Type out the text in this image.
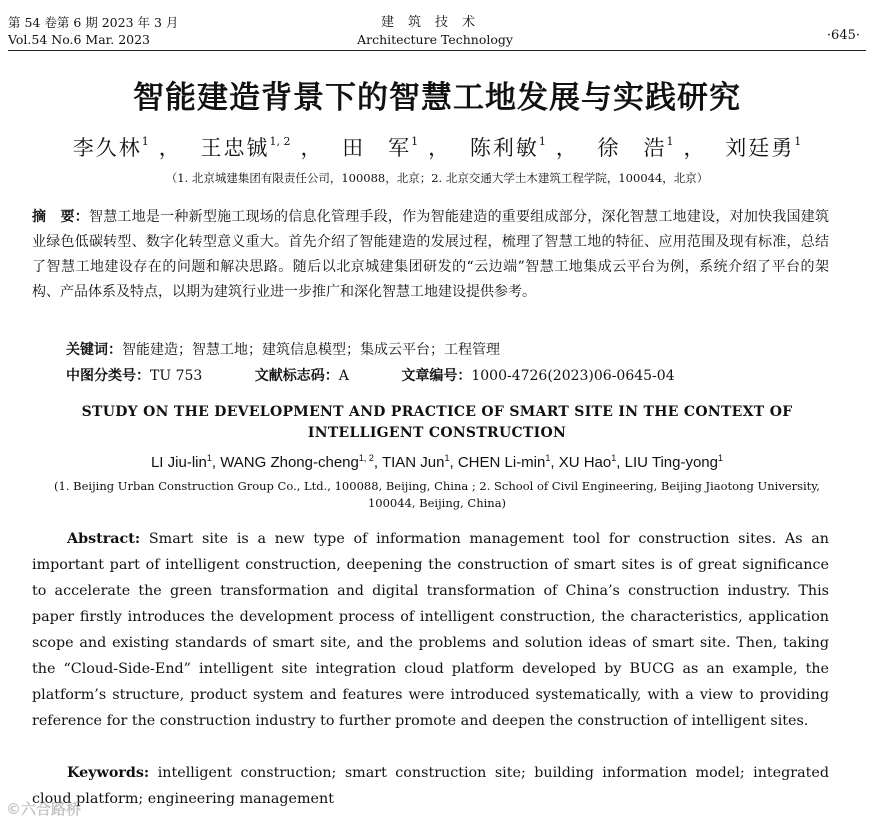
第 54 卷第 6 期 2023 年 3 月
Vol.54 No.6 Mar. 2023
建筑技术
Architecture Technology	·645·
智能建造背景下的智慧工地发展与实践研究
李久林$^1$ ， 王忠铖$^{1, 2}$ ， 田　军$^1$ ， 陈利敏$^1$ ， 徐　浩$^1$ ， 刘廷勇$^1$
（1. 北京城建集团有限责任公司，100088，北京；2. 北京交通大学土木建筑工程学院，100044，北京）
摘　要：智慧工地是一种新型施工现场的信息化管理手段，作为智能建造的重要组成部分，深化智慧工地建设，对加快我国建筑业绿色低碳转型、数字化转型意义重大。首先介绍了智能建造的发展过程，梳理了智慧工地的特征、应用范围及现有标准，总结了智慧工地建设存在的问题和解决思路。随后以北京城建集团研发的“云边端”智慧工地集成云平台为例，系统介绍了平台的架构、产品体系及特点，以期为建筑行业进一步推广和深化智慧工地建设提供参考。
关键词：智能建造；智慧工地；建筑信息模型；集成云平台；工程管理
中图分类号：TU 753	文献标志码：A	文章编号：1000-4726(2023)06-0645-04
STUDY ON THE DEVELOPMENT AND PRACTICE OF SMART SITE IN THE CONTEXT OF INTELLIGENT CONSTRUCTION
LI Jiu-lin$^1$, WANG Zhong-cheng$^{1, 2}$, TIAN Jun$^1$, CHEN $Li-\min^1$, XU Hao$^1$, LIU Ting-yong$^1$
(1. Beijing Urban Construction Group Co., Ltd., 100088, Beijing, China ; 2. School of Civil Engineering, Beijing Jiaotong University, 100044, Beijing, China)
Abstract: Smart site is a new type of information management tool for construction sites. As an important part of intelligent construction, deepening the construction of smart sites is of great significance to accelerate the green transformation and digital transformation of China’s construction industry. This paper firstly introduces the development process of intelligent construction, the characteristics, application scope and existing standards of smart site, and the problems and solution ideas of smart site. Then, taking the “Cloud-Side-End” intelligent site integration cloud platform developed by BUCG as an example, the platform’s structure, product system and features were introduced systematically, with a view to providing reference for the construction industry to further promote and deepen the construction of intelligent sites.
Keywords: intelligent construction; smart construction site; building information model; integrated cloud platform; engineering management
©六合路桥
